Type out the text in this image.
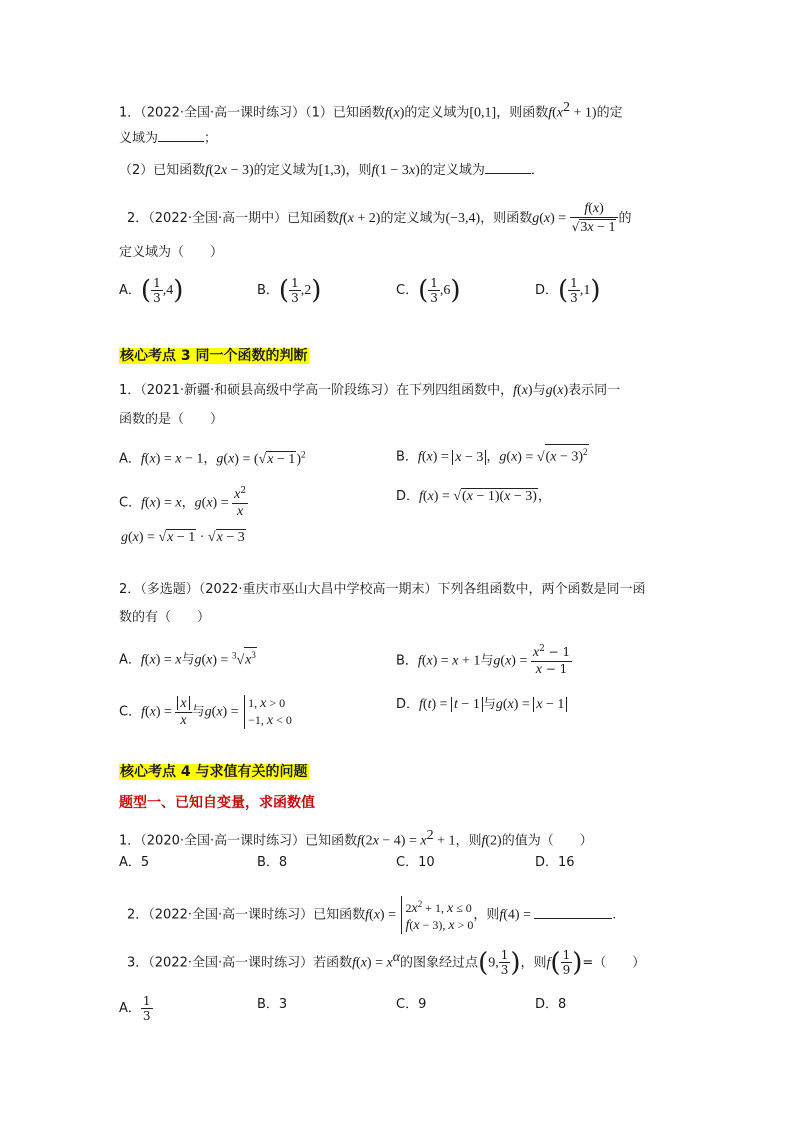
1．（2022·全国·高一课时练习）（1）已知函数f(x)的定义域为[0,1]，则函数$f(x^2 + 1)$的定
义域为	；
（2）已知函数f(2x − 3)的定义域为[1,3)，则f(1 − 3x)的定义域为	．
2．（2022·全国·高一期中）已知函数f(x + 2)的定义域为(−3,4)，则函数$g(x) = \frac{f(x)}{√3x - 1}$ 的
定义域为（　　）
A．( $\frac{1}{3} ,4$)	B．( $\frac{1}{3} ,2$)	C．( $\frac{1}{3} ,6$)	D．( $\frac{1}{3} ,1$)
核心考点 3 同一个函数的判断
1．（2021·新疆·和硕县高级中学高一阶段练习）在下列四组函数中，f(x)与g(x)表示同一
函数的是（　　）
A．f(x) = x − 1，$g(x) = (√x - 1)^2$	B．f(x) = x − 3 ，$g(x) = √(x - 3)^2$
C．f(x) = x，$g(x) = \frac{x^2}{x}$	D．f(x) = √(x − 1)(x − 3)，
g(x) = √x − 1 · √x − 3
2．（多选题）（2022·重庆市巫山大昌中学校高一期末）下列各组函数中，两个函数是同一函
数的有（　　）
A．f(x) = x与$g(x) = ^3√x^3$	B．f(x) = x + 1与$g(x) = \frac{x^2 - 1}{x - 1}$
C．$f(x) = \frac{x}{x}$ 与g(x) =
1, x > 0
−1, x < 0
D．f(t) = t − 1 与g(x) = x − 1
核心考点 4 与求值有关的问题
题型一、已知自变量，求函数值
1．（2020·全国·高一课时练习）已知函数$f(2x - 4) = x^2 + 1$，则f(2)的值为（　　）
A．5	B．8	C．10	D．16
2．（2022·全国·高一课时练习）已知函数$f(x) = 2x^2 + 1$, x ≤ 0
f(x − 3), x > 0
，则f(4) =	.
3．（2022·全国·高一课时练习）若函数$f(x) = x^\alpha$的图象经过点(9, $\frac{1}{3}$ )，则$f( \frac{1}{9}$ )=（　　）
A． $\frac{1}{3}$	B．3	C．9	D．8
